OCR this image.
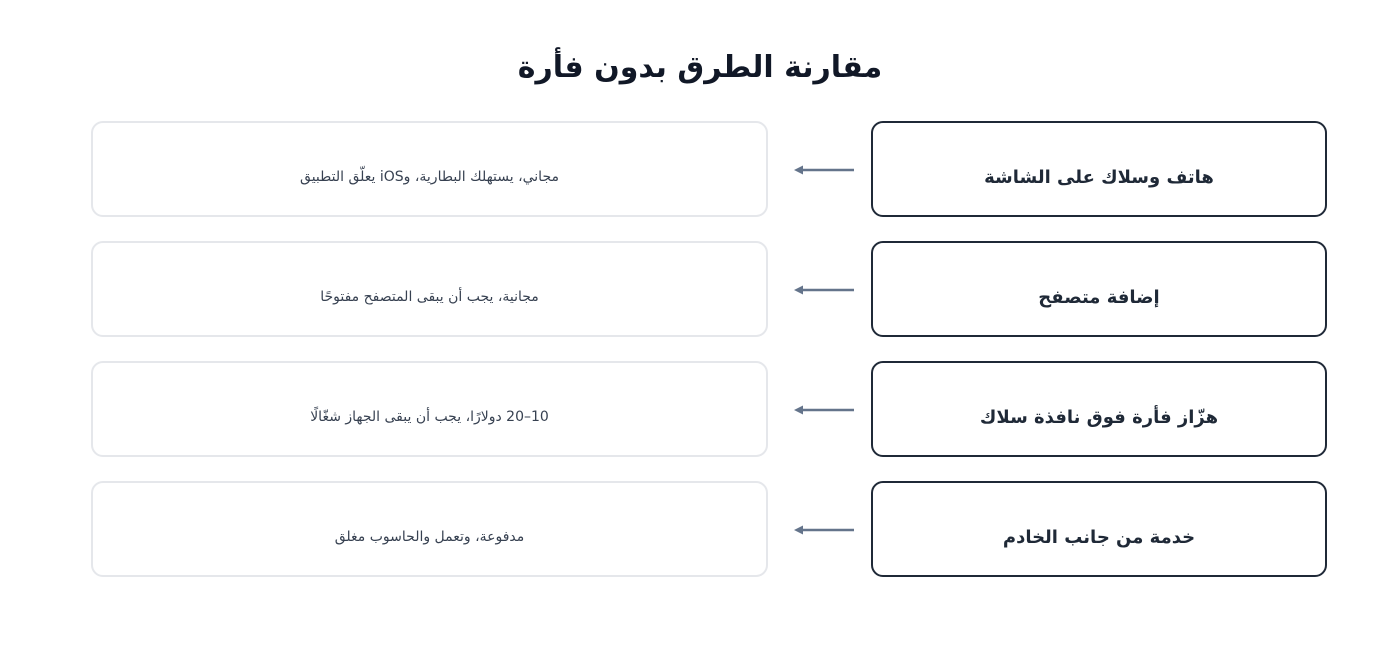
مقارنة الطرق بدون فأرة
هاتف وسلاك على الشاشة
مجاني، يستهلك البطارية، وiOS يعلّق التطبيق
إضافة متصفح
مجانية، يجب أن يبقى المتصفح مفتوحًا
هزّاز فأرة فوق نافذة سلاك
10–20 دولارًا، يجب أن يبقى الجهاز شغّالًا
خدمة من جانب الخادم
مدفوعة، وتعمل والحاسوب مغلق
